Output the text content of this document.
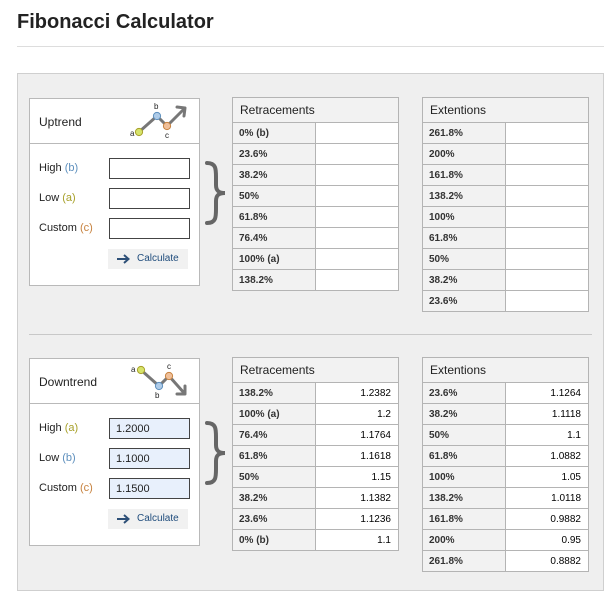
Fibonacci Calculator
Uptrend
a
b
c
High (b)
Low (a)
Custom (c)
Calculate
Retracements	
0% (b)	
23.6%	
38.2%	
50%	
61.8%	
76.4%	
100% (a)	
138.2%	
Extentions	
261.8%	
200%	
161.8%	
138.2%	
100%	
61.8%	
50%	
38.2%	
23.6%	
Downtrend
a
b
c
High (a)
1.2000
Low (b)
1.1000
Custom (c)
1.1500
Calculate
Retracements	
138.2%	1.2382
100% (a)	1.2
76.4%	1.1764
61.8%	1.1618
50%	1.15
38.2%	1.1382
23.6%	1.1236
0% (b)	1.1
Extentions	
23.6%	1.1264
38.2%	1.1118
50%	1.1
61.8%	1.0882
100%	1.05
138.2%	1.0118
161.8%	0.9882
200%	0.95
261.8%	0.8882
